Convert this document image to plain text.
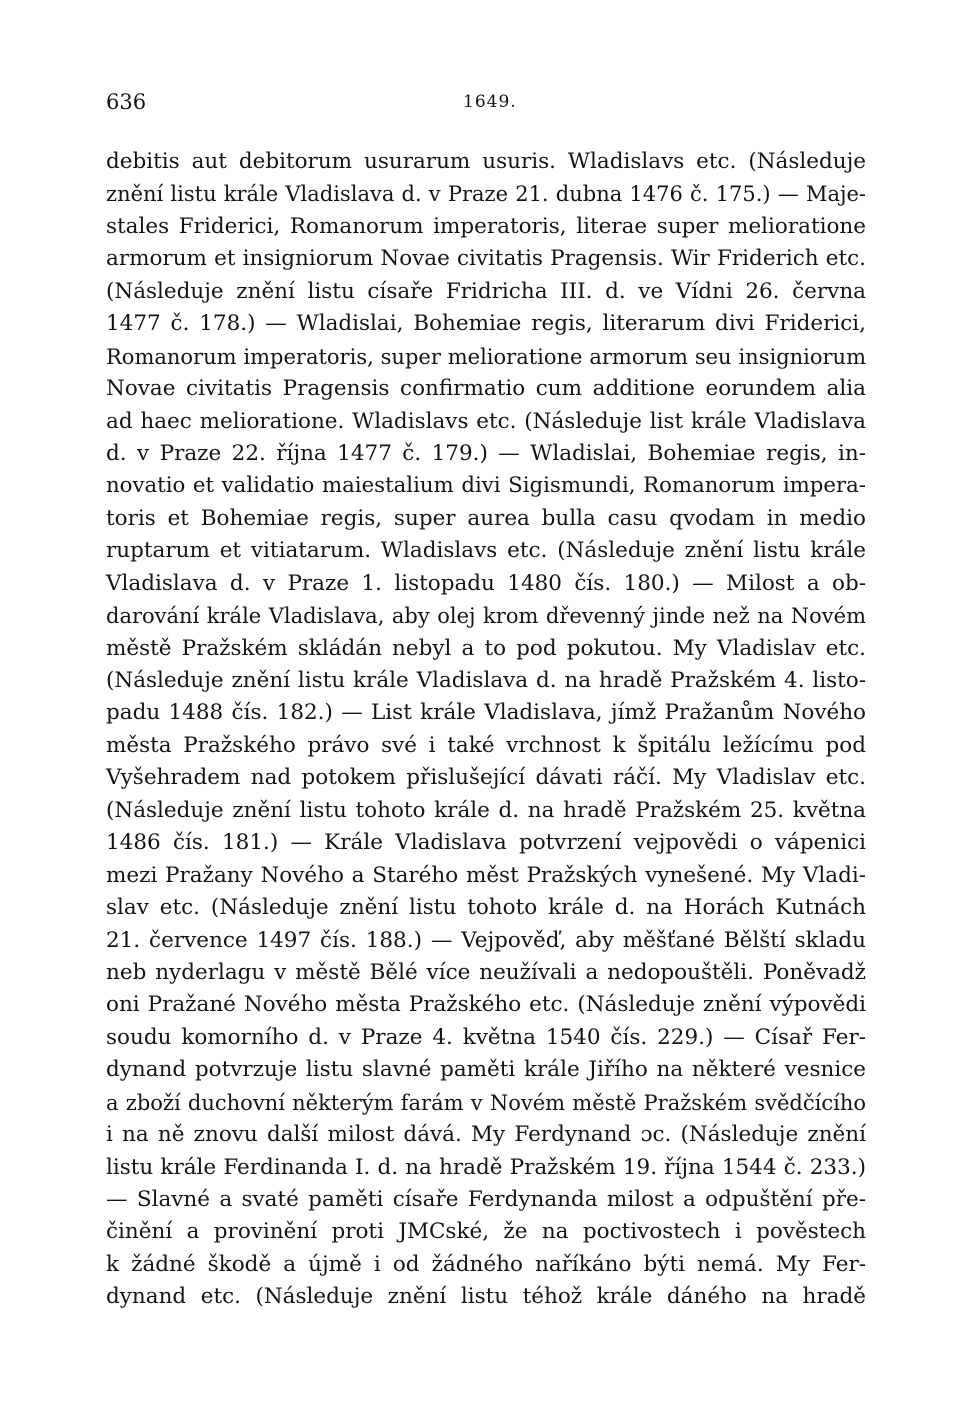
636	1649.
debitis aut debitorum usurarum usuris. Wladislavs etc. (Následuje
znění listu krále Vladislava d. v Praze 21. dubna 1476 č. 175.) — Maje-
stales Friderici, Romanorum imperatoris, literae super melioratione
armorum et insigniorum Novae civitatis Pragensis. Wir Friderich etc.
(Následuje znění listu císaře Fridricha III. d. ve Vídni 26. června
1477 č. 178.) — Wladislai, Bohemiae regis, literarum divi Friderici,
Romanorum imperatoris, super melioratione armorum seu insigniorum
Novae civitatis Pragensis confirmatio cum additione eorundem alia
ad haec melioratione. Wladislavs etc. (Následuje list krále Vladislava
d. v Praze 22. října 1477 č. 179.) — Wladislai, Bohemiae regis, in-
novatio et validatio maiestalium divi Sigismundi, Romanorum impera-
toris et Bohemiae regis, super aurea bulla casu qvodam in medio
ruptarum et vitiatarum. Wladislavs etc. (Následuje znění listu krále
Vladislava d. v Praze 1. listopadu 1480 čís. 180.) — Milost a ob-
darování krále Vladislava, aby olej krom dřevenný jinde než na Novém
městě Pražském skládán nebyl a to pod pokutou. My Vladislav etc.
(Následuje znění listu krále Vladislava d. na hradě Pražském 4. listo-
padu 1488 čís. 182.) — List krále Vladislava, jímž Pražanům Nového
města Pražského právo své i také vrchnost k špitálu ležícímu pod
Vyšehradem nad potokem přislušející dávati ráčí. My Vladislav etc.
(Následuje znění listu tohoto krále d. na hradě Pražském 25. května
1486 čís. 181.) — Krále Vladislava potvrzení vejpovědi o vápenici
mezi Pražany Nového a Starého měst Pražských vynešené. My Vladi-
slav etc. (Následuje znění listu tohoto krále d. na Horách Kutnách
21. července 1497 čís. 188.) — Vejpověď, aby měšťané Bělští skladu
neb nyderlagu v městě Bělé více neužívali a nedopouštěli. Poněvadž
oni Pražané Nového města Pražského etc. (Následuje znění výpovědi
soudu komorního d. v Praze 4. května 1540 čís. 229.) — Císař Fer-
dynand potvrzuje listu slavné paměti krále Jiřího na některé vesnice
a zboží duchovní některým farám v Novém městě Pražském svědčícího
i na ně znovu další milost dává. My Ferdynand ɔc. (Následuje znění
listu krále Ferdinanda I. d. na hradě Pražském 19. října 1544 č. 233.)
— Slavné a svaté paměti císaře Ferdynanda milost a odpuštění pře-
činění a provinění proti JMCské, že na poctivostech i pověstech
k žádné škodě a újmě i od žádného naříkáno býti nemá. My Fer-
dynand etc. (Následuje znění listu téhož krále dáného na hradě
